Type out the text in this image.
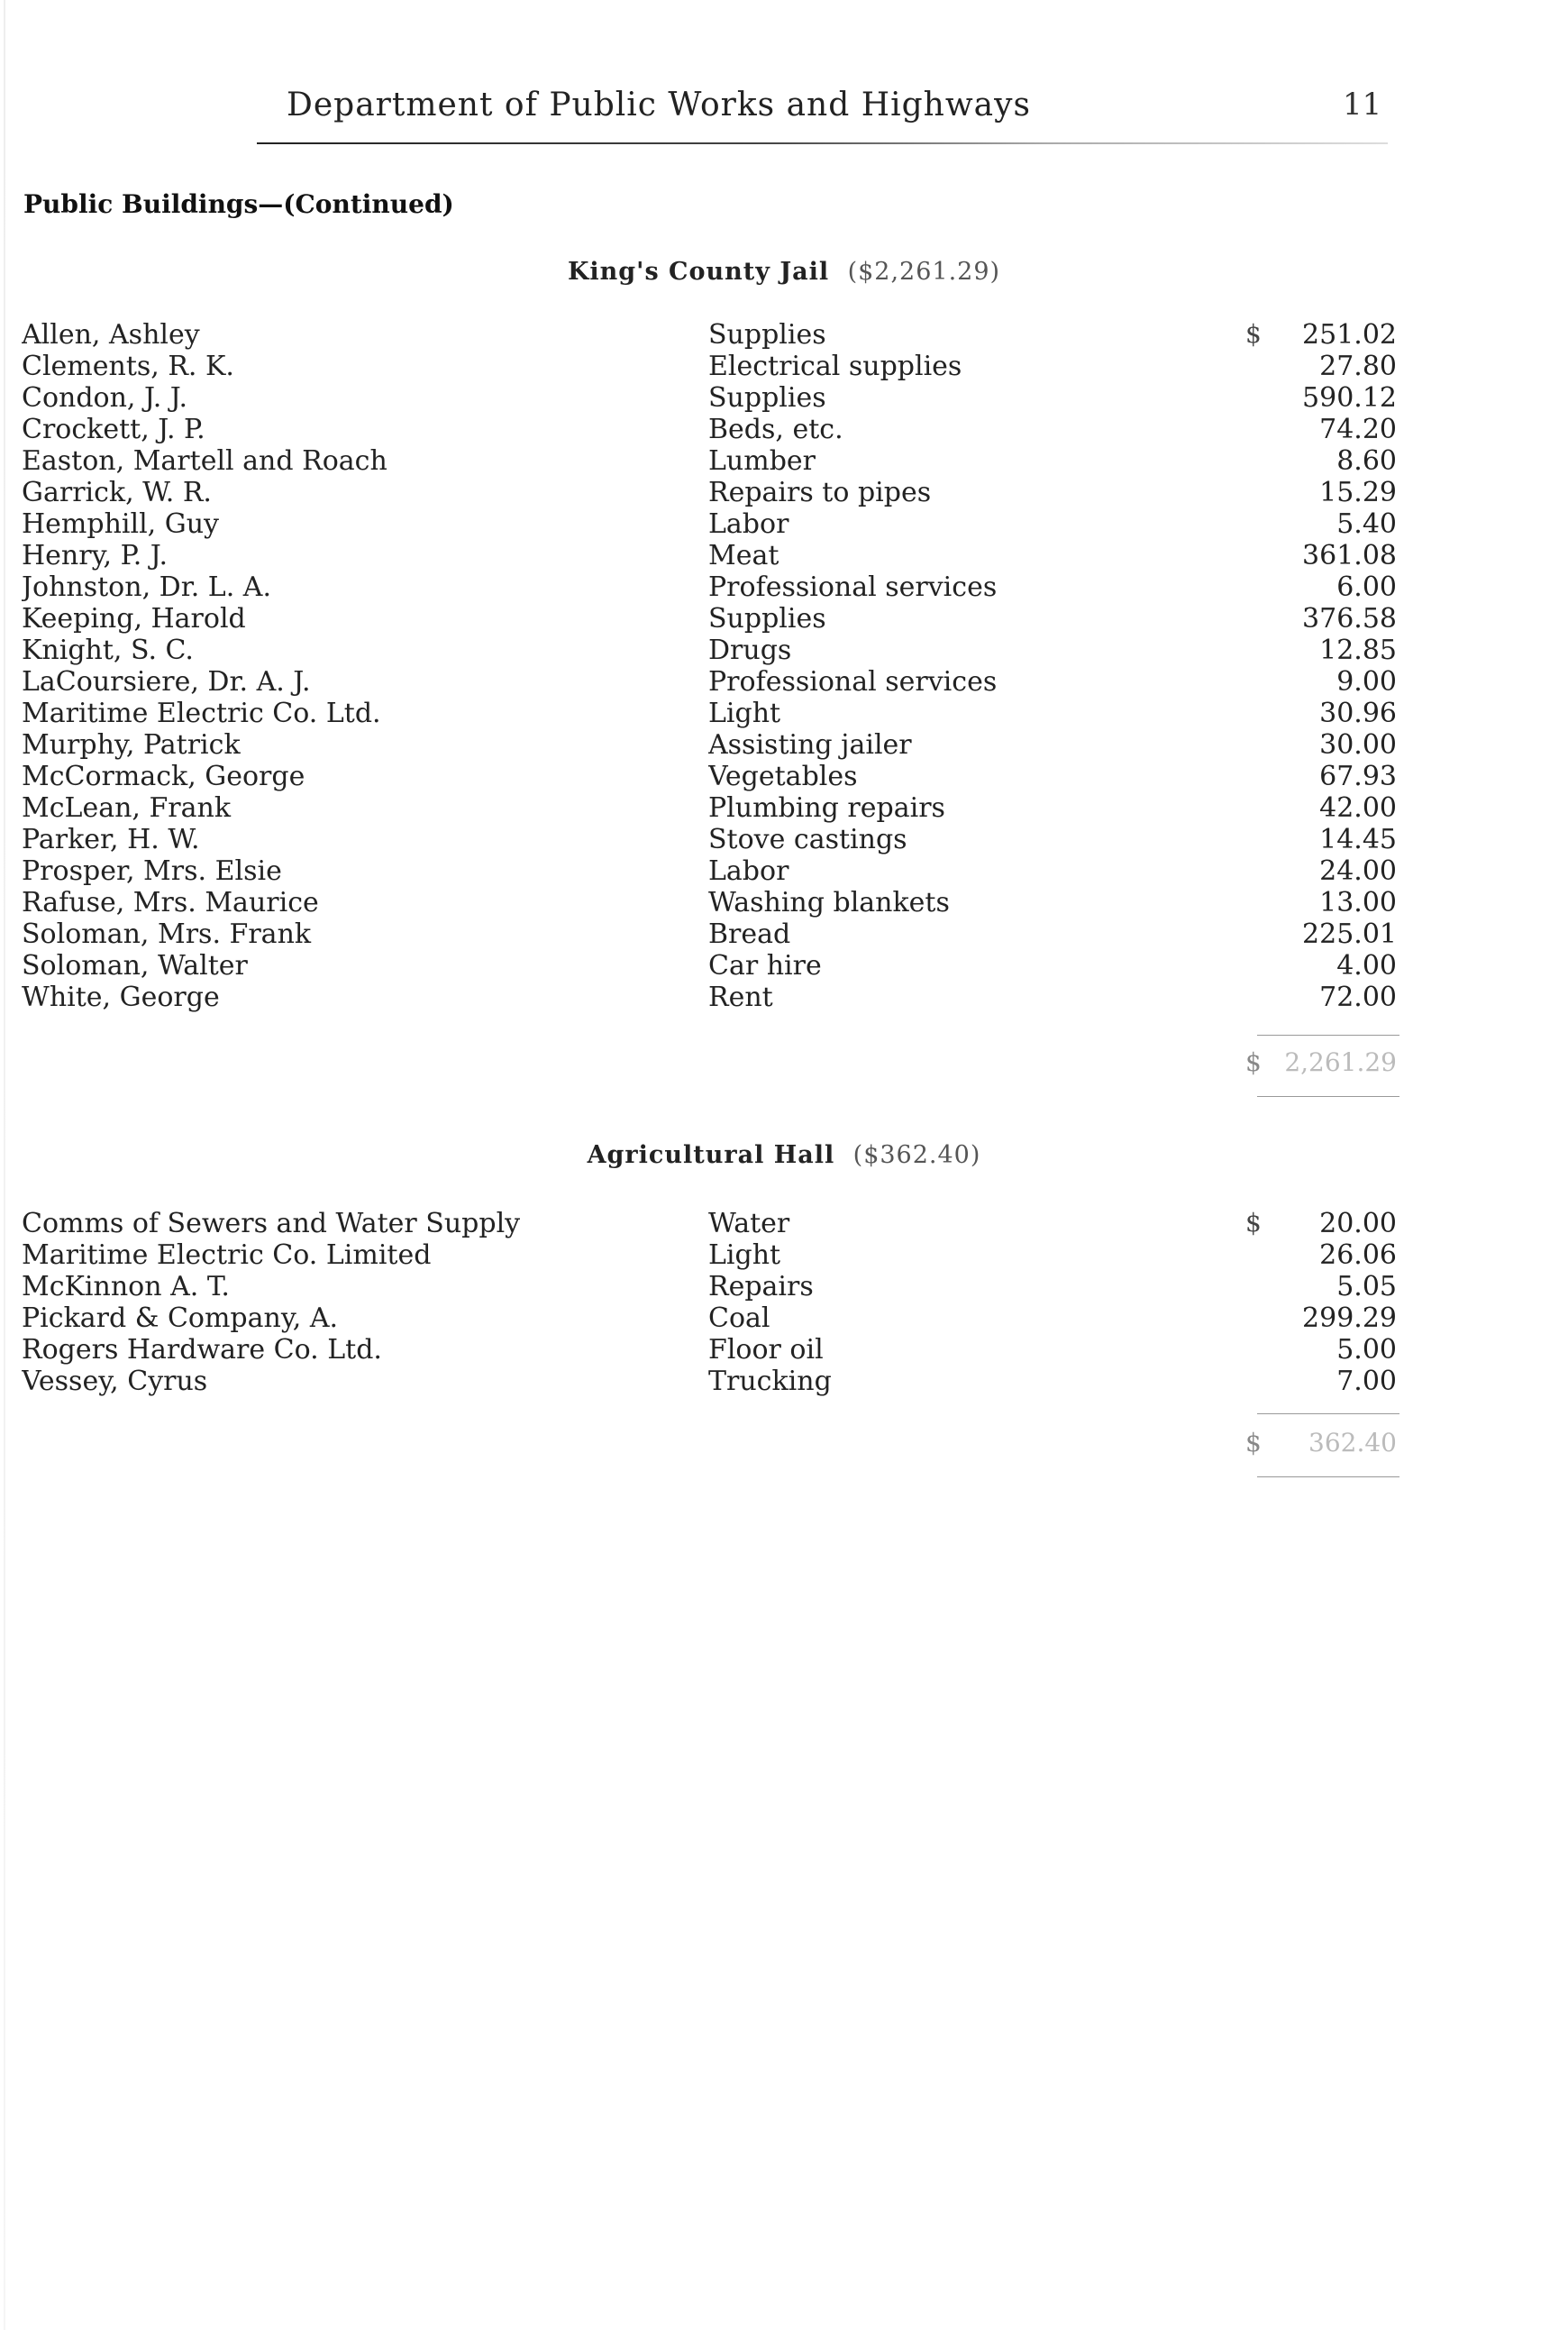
Department of Public Works and Highways	11
Public Buildings—(Continued)
King's County Jail ($2,261.29)
$
Allen, Ashley	Supplies	251.02
Clements, R. K.	Electrical supplies	27.80
Condon, J. J.	Supplies	590.12
Crockett, J. P.	Beds, etc.	74.20
Easton, Martell and Roach	Lumber	8.60
Garrick, W. R.	Repairs to pipes	15.29
Hemphill, Guy	Labor	5.40
Henry, P. J.	Meat	361.08
Johnston, Dr. L. A.	Professional services	6.00
Keeping, Harold	Supplies	376.58
Knight, S. C.	Drugs	12.85
LaCoursiere, Dr. A. J.	Professional services	9.00
Maritime Electric Co. Ltd.	Light	30.96
Murphy, Patrick	Assisting jailer	30.00
McCormack, George	Vegetables	67.93
McLean, Frank	Plumbing repairs	42.00
Parker, H. W.	Stove castings	14.45
Prosper, Mrs. Elsie	Labor	24.00
Rafuse, Mrs. Maurice	Washing blankets	13.00
Soloman, Mrs. Frank	Bread	225.01
Soloman, Walter	Car hire	4.00
White, George	Rent	72.00
$ 2,261.29
Agricultural Hall ($362.40)
$
Comms of Sewers and Water Supply	Water	20.00
Maritime Electric Co. Limited	Light	26.06
McKinnon A. T.	Repairs	5.05
Pickard & Company, A.	Coal	299.29
Rogers Hardware Co. Ltd.	Floor oil	5.00
Vessey, Cyrus	Trucking	7.00
$	362.40
